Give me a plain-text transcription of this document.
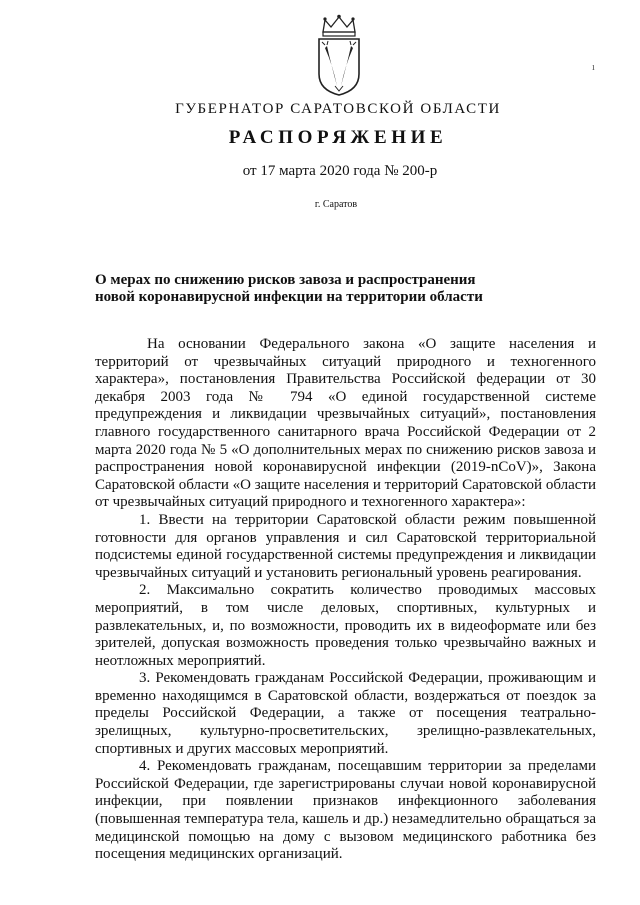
ı
ГУБЕРНАТОР САРАТОВСКОЙ ОБЛАСТИ
РАСПОРЯЖЕНИЕ
от 17 марта 2020 года № 200-р
г. Саратов
О мерах по снижению рисков завоза и распространения
новой коронавирусной инфекции на территории области

На основании Федерального закона «О защите населения и территорий от чрезвычайных ситуаций природного и техногенного характера», постановления Правительства Российской федерации от 30 декабря 2003 года № 794 «О единой государственной системе предупреждения и ликвидации чрезвычайных ситуаций», постановления главного государственного санитарного врача Российской Федерации от 2 марта 2020 года № 5 «О дополнительных мерах по снижению рисков завоза и распространения новой коронавирусной инфекции (2019-nCoV)», Закона Саратовской области «О защите населения и территорий Саратовской области от чрезвычайных ситуаций природного и техногенного характера»:

1. Ввести на территории Саратовской области режим повышенной готовности для органов управления и сил Саратовской территориальной подсистемы единой государственной системы предупреждения и ликвидации чрезвычайных ситуаций и установить региональный уровень реагирования.

2. Максимально сократить количество проводимых массовых мероприятий, в том числе деловых, спортивных, культурных и развлекательных, и, по возможности, проводить их в видеоформате или без зрителей, допуская возможность проведения только чрезвычайно важных и неотложных мероприятий.

3. Рекомендовать гражданам Российской Федерации, проживающим и временно находящимся в Саратовской области, воздержаться от поездок за пределы Российской Федерации, а также от посещения театрально-зрелищных, культурно-просветительских, зрелищно-развлекательных, спортивных и других массовых мероприятий.

4. Рекомендовать гражданам, посещавшим территории за пределами Российской Федерации, где зарегистрированы случаи новой коронавирусной инфекции, при появлении признаков инфекционного заболевания (повышенная температура тела, кашель и др.) незамедлительно обращаться за медицинской помощью на дому с вызовом медицинского работника без посещения медицинских организаций.
